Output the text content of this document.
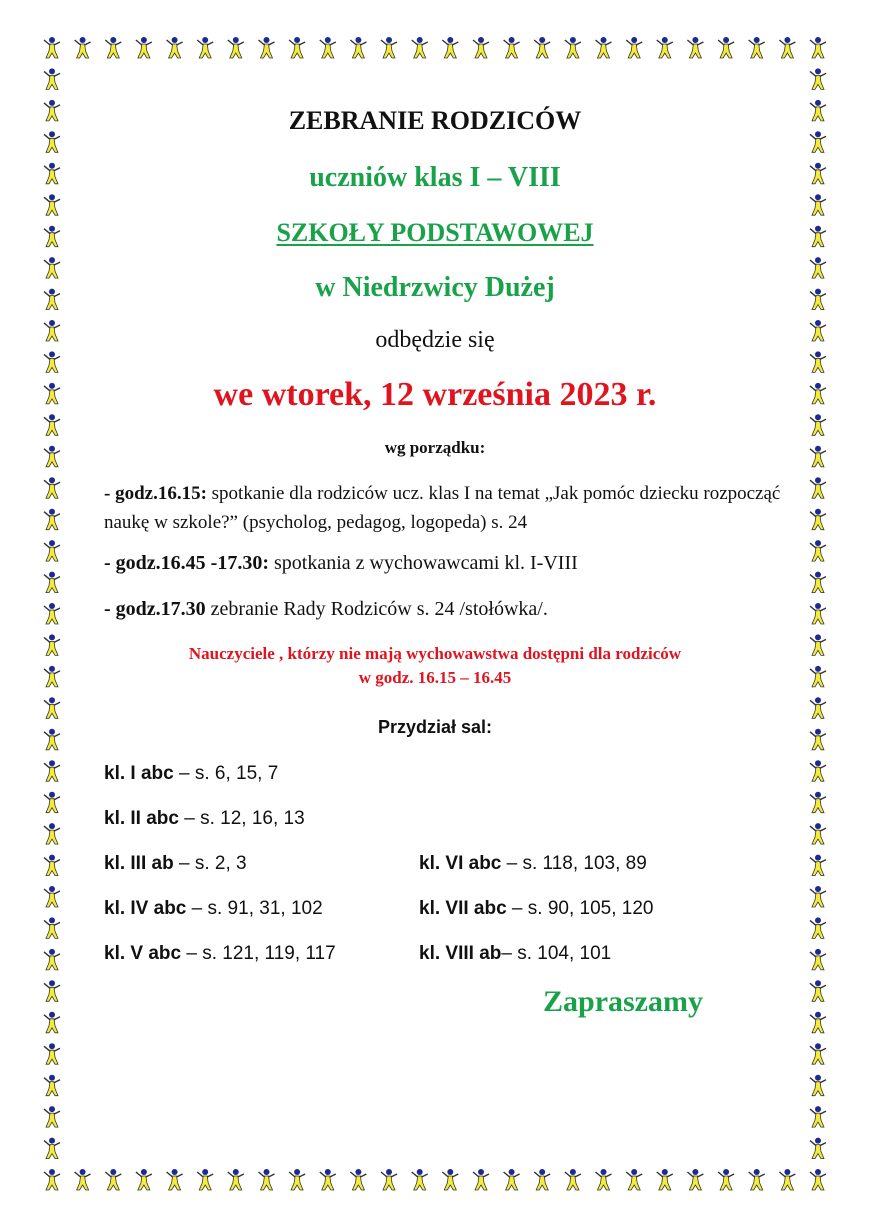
ZEBRANIE RODZICÓW
uczniów klas I – VIII
SZKOŁY PODSTAWOWEJ
w Niedrzwicy Dużej
odbędzie się
we wtorek, 12 września 2023 r.
wg porządku:
- godz.16.15: spotkanie dla rodziców ucz. klas I na temat „Jak pomóc dziecku rozpocząć naukę w szkole?” (psycholog, pedagog, logopeda) s. 24
- godz.16.45 -17.30: spotkania z wychowawcami kl. I-VIII
- godz.17.30 zebranie Rady Rodziców s. 24 /stołówka/.
Nauczyciele , którzy nie mają wychowawstwa dostępni dla rodziców
w godz. 16.15 – 16.45
Przydział sal:
kl. I abc – s. 6, 15, 7
kl. II abc – s. 12, 16, 13
kl. III ab – s. 2, 3
kl. IV abc – s. 91, 31, 102
kl. V abc – s. 121, 119, 117
kl. VI abc – s. 118, 103, 89
kl. VII abc – s. 90, 105, 120
kl. VIII ab– s. 104, 101
Zapraszamy
